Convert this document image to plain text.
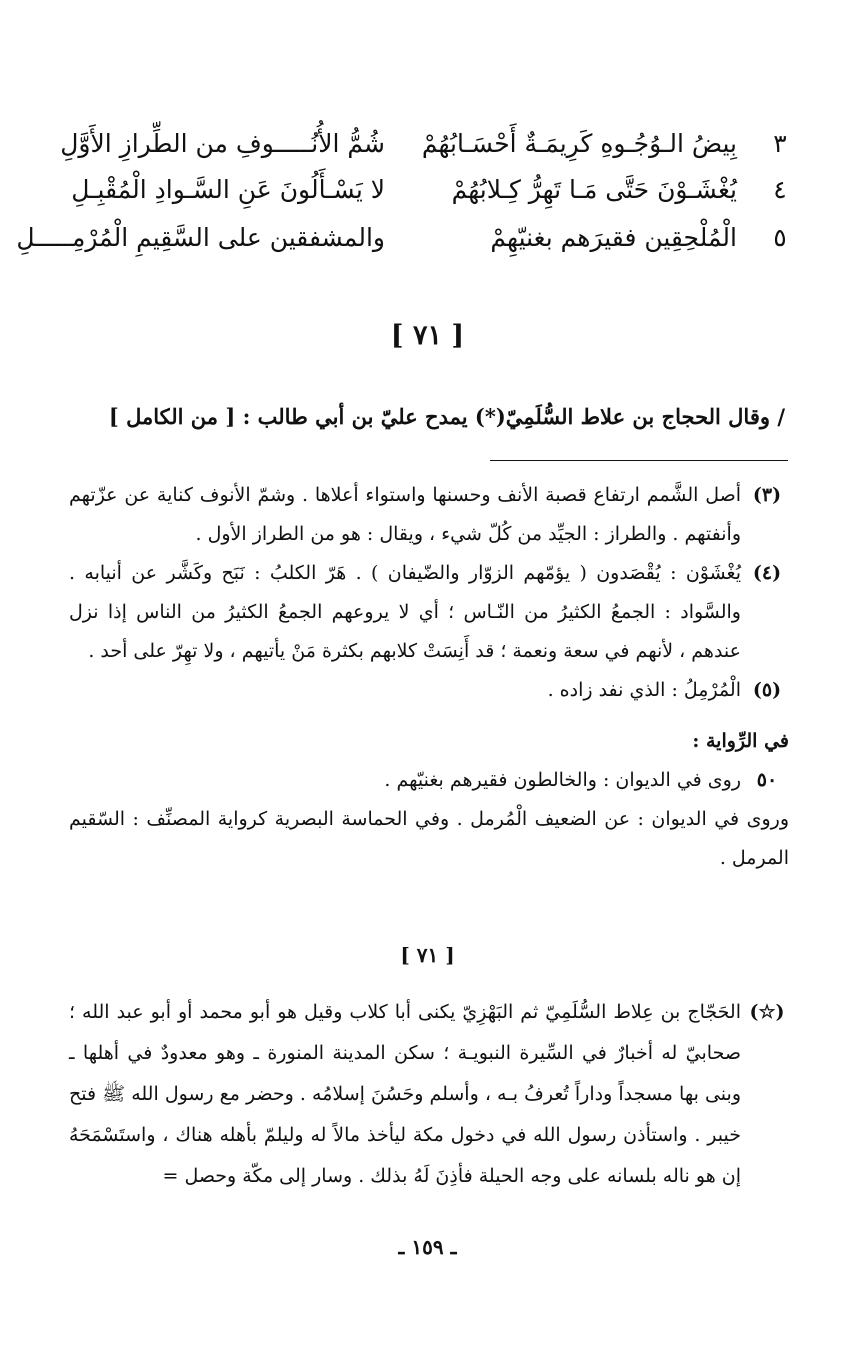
٣
بِيضُ الـوُجُـوهِ كَرِيمَـةٌ أَحْسَـابُهُمْ
شُمُّ الأُنُـــــوفِ من الطِّرازِ الأَوَّلِ
٤
يُغْشَـوْنَ حَتَّى مَـا تَهِرُّ كِـلابُهُمْ
لا يَسْـأَلُونَ عَنِ السَّـوادِ الْمُقْبِـلِ
٥
الْمُلْحِقِين فقيرَهم بغنيّهِمْ
والمشفقين على السَّقِيمِ الْمُرْمِـــــلِ
[ ٧١ ]
/ وقال الحجاج بن علاط السُّلَمِيّ(*) يمدح عليّ بن أبي طالب : [ من الكامل ]
(٣)
أصل الشَّمم ارتفاع قصبة الأنف وحسنها واستواء أعلاها . وشمّ الأنوف كناية عن عزّتهم وأنفتهم . والطراز : الجيِّد من كُلّ شيء ، ويقال : هو من الطراز الأول .
(٤)
يُغْشَوْن : يُقْصَدون ( يؤمّهم الزوّار والضّيفان ) . هَرّ الكلبُ : نَبَح وكَشَّر عن أنيابه . والسَّواد : الجمعُ الكثيرُ من النّـاس ؛ أي لا يروعهم الجمعُ الكثيرُ من الناس إذا نزل عندهم ، لأنهم في سعة ونعمة ؛ قد أَنِسَتْ كلابهم بكثرة مَنْ يأتيهم ، ولا تهِرّ على أحد .
(٥)
الْمُرْمِلُ : الذي نفد زاده .
في الرِّواية :
٥٠
روى في الديوان : والخالطون فقيرهم بغنيّهم .
وروى في الديوان : عن الضعيف الْمُرمل . وفي الحماسة البصرية كرواية المصنِّف : السّقيم المرمل .
[ ٧١ ]
(☆)
الحَجّاج بن عِلاط السُّلَمِيّ ثم البَهْزِيّ يكنى أبا كلاب وقيل هو أبو محمد أو أبو عبد الله ؛ صحابيّ له أخبارٌ في السِّيرة النبويـة ؛ سكن المدينة المنورة ـ وهو معدودٌ في أهلها ـ وبنى بها مسجداً وداراً تُعرفُ بـه ، وأسلم وحَسُنَ إسلامُه . وحضر مع رسول الله ﷺ فتح خيبر . واستأذن رسول الله في دخول مكة ليأخذ مالاً له وليلمّ بأهله هناك ، واستَسْمَحَهُ إن هو ناله بلسانه على وجه الحيلة فأذِنَ لَهُ بذلك . وسار إلى مكّة وحصل =
ـ ١٥٩ ـ
